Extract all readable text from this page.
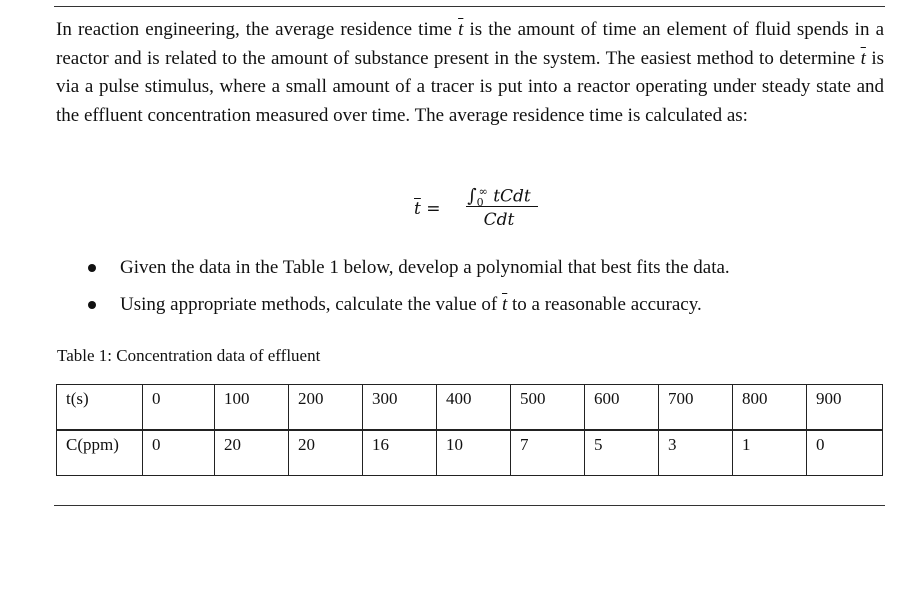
In reaction engineering, the average residence time $\overline{t}$ is the amount of time an element of fluid spends in a reactor and is related to the amount of substance present in the system. The easiest method to determine $\overline{t}$ is via a pulse stimulus, where a small amount of a tracer is put into a reactor operating under steady state and the effluent concentration measured over time. The average residence time is calculated as:

$\overline{t}$ =
$\int_0^\infty$ tCdt
Cdt
Given the data in the Table 1 below, develop a polynomial that best fits the data.
Using appropriate methods, calculate the value of $\overline{t}$ to a reasonable accuracy.

Table 1: Concentration data of effluent

t(s)	0	100	200	300	400	500	600	700	800	900
C(ppm)	0	20	20	16	10	7	5	3	1	0
